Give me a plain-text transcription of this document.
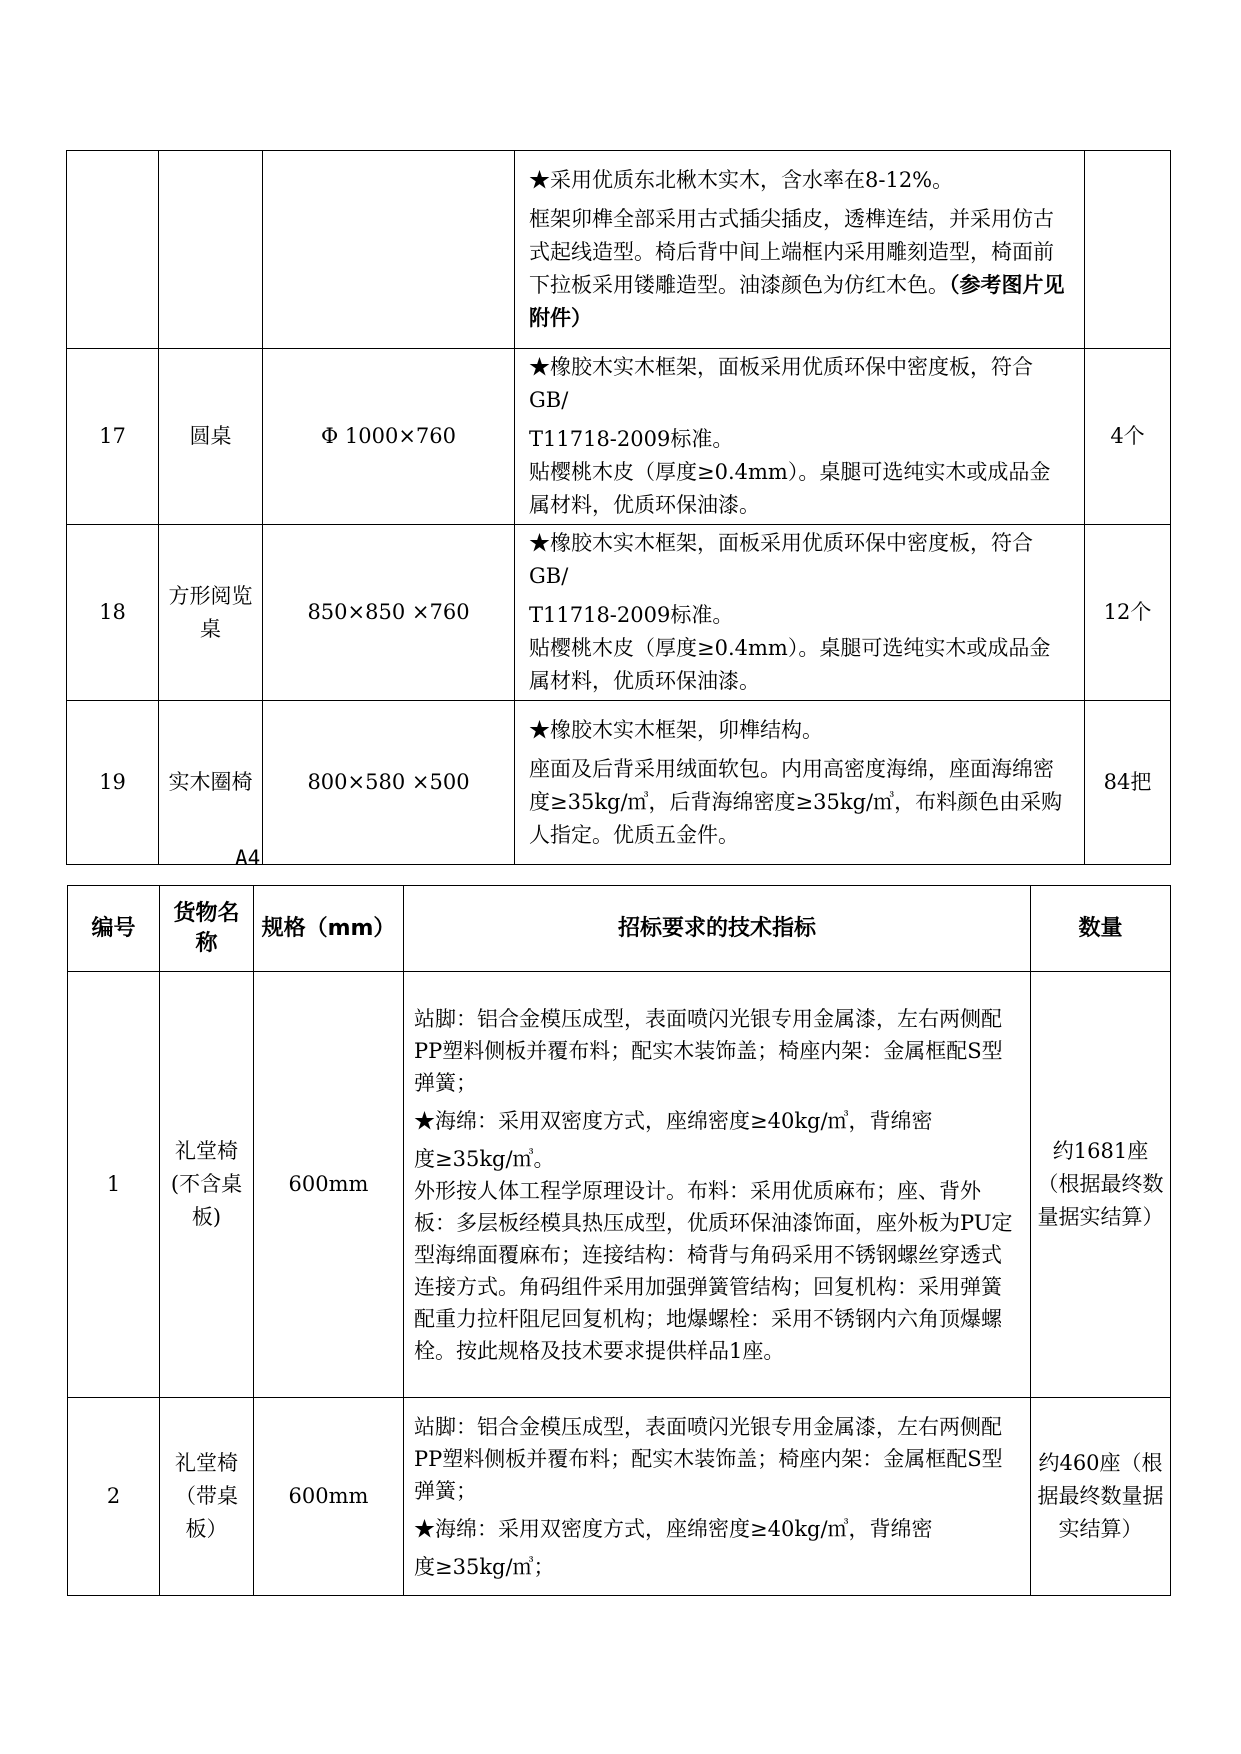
			★采用优质东北楸木实木，含水率在8-12%。

框架卯榫全部采用古式插尖插皮，透榫连结，并采用仿古式起线造型。椅后背中间上端框内采用雕刻造型，椅面前下拉板采用镂雕造型。油漆颜色为仿红木色。（参考图片见附件）	

17	圆桌	Φ 1000×760	★橡胶木实木框架，面板采用优质环保中密度板，符合GB/

T11718-2009标准。

贴樱桃木皮（厚度≥0.4mm）。桌腿可选纯实木或成品金属材料，优质环保油漆。	4个
18	方形阅览桌	850×850 ×760	★橡胶木实木框架，面板采用优质环保中密度板，符合GB/

T11718-2009标准。

贴樱桃木皮（厚度≥0.4mm）。桌腿可选纯实木或成品金属材料，优质环保油漆。	12个
19	实木圈椅	800×580 ×500	★橡胶木实木框架，卯榫结构。

座面及后背采用绒面软包。内用高密度海绵，座面海绵密度≥35kg/㎥，后背海绵密度≥35kg/㎥，布料颜色由采购人指定。优质五金件。	84把
A4
编号	货物名称	规格（mm）	招标要求的技术指标	数量
1	礼堂椅(不含桌板)	600mm	站脚：铝合金模压成型，表面喷闪光银专用金属漆，左右两侧配PP塑料侧板并覆布料；配实木装饰盖；椅座内架：金属框配S型弹簧；

★海绵：采用双密度方式，座绵密度≥40kg/㎥，背绵密

度≥35kg/㎥。

外形按人体工程学原理设计。布料：采用优质麻布；座、背外板：多层板经模具热压成型，优质环保油漆饰面，座外板为PU定型海绵面覆麻布；连接结构：椅背与角码采用不锈钢螺丝穿透式连接方式。角码组件采用加强弹簧管结构；回复机构：采用弹簧配重力拉杆阻尼回复机构；地爆螺栓：采用不锈钢内六角顶爆螺栓。按此规格及技术要求提供样品1座。	约1681座（根据最终数量据实结算）
2	礼堂椅（带桌板）	600mm	站脚：铝合金模压成型，表面喷闪光银专用金属漆，左右两侧配PP塑料侧板并覆布料；配实木装饰盖；椅座内架：金属框配S型弹簧；

★海绵：采用双密度方式，座绵密度≥40kg/㎥，背绵密

度≥35kg/㎥；	约460座（根据最终数量据实结算）
